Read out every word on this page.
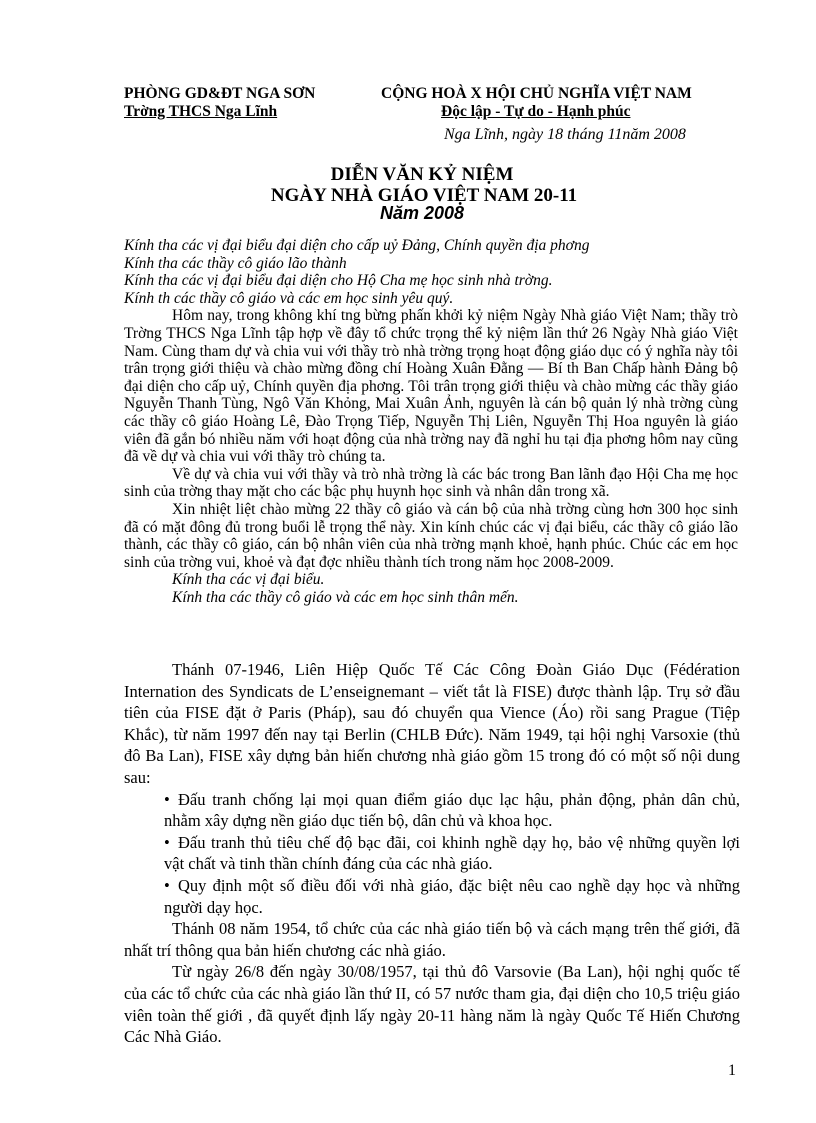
PHÒNG GD&ĐT NGA SƠN
Trờng THCS Nga Lĩnh
CỘNG HOÀ X HỘI CHỦ NGHĨA VIỆT NAM
Độc lập - Tự do - Hạnh phúc
Nga Lĩnh, ngày 18 tháng 11năm 2008
DIỄN VĂN KỶ NIỆM
NGÀY NHÀ GIÁO VIỆT NAM 20-11
Năm 2008

Kính tha các vị đại biểu đại diện cho cấp uỷ Đảng, Chính quyền địa phơng

Kính tha các thầy cô giáo lão thành

Kính tha các vị đại biểu đại diện cho Hộ Cha mẹ học sinh nhà trờng.

Kính th các thầy cô giáo và các em học sinh yêu quý.

Hôm nay, trong không khí tng bừng phấn khởi kỷ niệm Ngày Nhà giáo Việt Nam; thầy trò Trờng THCS Nga Lĩnh tập hợp về đây tổ chức trọng thể kỷ niệm lần thứ 26 Ngày Nhà giáo Việt Nam. Cùng tham dự và chia vui với thầy trò nhà trờng trọng hoạt động giáo dục có ý nghĩa này tôi trân trọng giới thiệu và chào mừng đồng chí Hoàng Xuân Đằng — Bí th Ban Chấp hành Đảng bộ đại diện cho cấp uỷ, Chính quyền địa phơng. Tôi trân trọng giới thiệu và chào mừng các thầy giáo Nguyễn Thanh Tùng, Ngô Văn Khỏng, Mai Xuân Ảnh, nguyên là cán bộ quản lý nhà trờng cùng các thầy cô giáo Hoàng Lê, Đào Trọng Tiếp, Nguyễn Thị Liên, Nguyễn Thị Hoa nguyên là giáo viên đã gắn bó nhiều năm với hoạt động của nhà trờng nay đã nghỉ hu tại địa phơng hôm nay cũng đã về dự và chia vui với thầy trò chúng ta.

Về dự và chia vui với thầy và trò nhà trờng là các bác trong Ban lãnh đạo Hội Cha mẹ học sinh của trờng thay mặt cho các bậc phụ huynh học sinh và nhân dân trong xã.

Xin nhiệt liệt chào mừng 22 thầy cô giáo và cán bộ của nhà trờng cùng hơn 300 học sinh đã có mặt đông đủ trong buổi lễ trọng thể này. Xin kính chúc các vị đại biểu, các thầy cô giáo lão thành, các thầy cô giáo, cán bộ nhân viên của nhà trờng mạnh khoẻ, hạnh phúc. Chúc các em học sinh của trờng vui, khoẻ và đạt đợc nhiều thành tích trong năm học 2008-2009.

Kính tha các vị đại biểu.

Kính tha các thầy cô giáo và các em học sinh thân mến.

Thánh 07-1946, Liên Hiệp Quốc Tế Các Công Đoàn Giáo Dục (Fédération Internation des Syndicats de L’enseignemant – viết tắt là FISE) được thành lập. Trụ sở đầu tiên của FISE đặt ở Paris (Pháp), sau đó chuyển qua Vience (Áo) rồi sang Prague (Tiệp Khắc), từ năm 1997 đến nay tại Berlin (CHLB Đức). Năm 1949, tại hội nghị Varsoxie (thủ đô Ba Lan), FISE xây dựng bản hiến chương nhà giáo gồm 15 trong đó có một số nội dung sau:

• Đấu tranh chống lại mọi quan điểm giáo dục lạc hậu, phản động, phản dân chủ, nhằm xây dựng nền giáo dục tiến bộ, dân chủ và khoa học.

• Đấu tranh thủ tiêu chế độ bạc đãi, coi khinh nghề dạy họ, bảo vệ những quyền lợi vật chất và tinh thần chính đáng của các nhà giáo.

• Quy định một số điều đối với nhà giáo, đặc biệt nêu cao nghề dạy học và những người dạy học.

Thánh 08 năm 1954, tổ chức của các nhà giáo tiến bộ và cách mạng trên thế giới, đã nhất trí thông qua bản hiến chương các nhà giáo.

Từ ngày 26/8 đến ngày 30/08/1957, tại thủ đô Varsovie (Ba Lan), hội nghị quốc tế của các tổ chức của các nhà giáo lần thứ II, có 57 nước tham gia, đại diện cho 10,5 triệu giáo viên toàn thế giới , đã quyết định lấy ngày 20-11 hàng năm là ngày Quốc Tế Hiến Chương Các Nhà Giáo.

1
